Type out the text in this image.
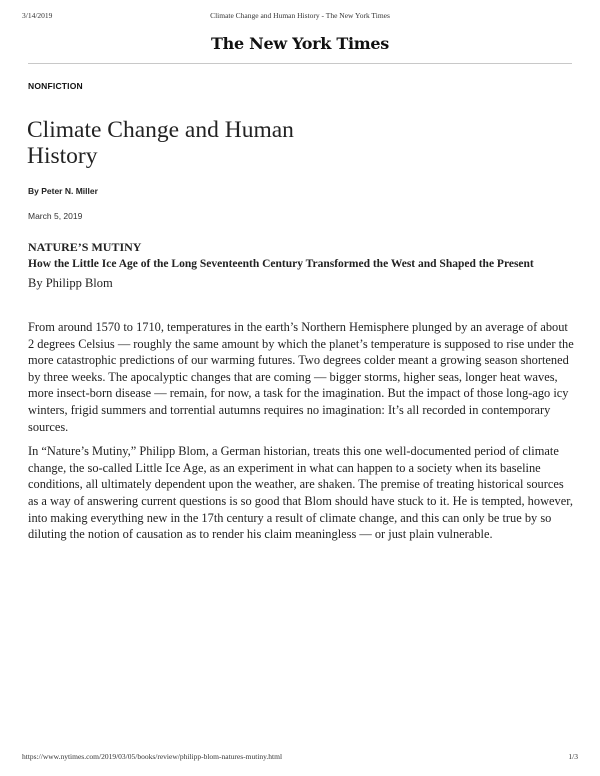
3/14/2019	Climate Change and Human History - The New York Times
The New York Times
NONFICTION
Climate Change and Human History
By Peter N. Miller
March 5, 2019
NATURE’S MUTINY
How the Little Ice Age of the Long Seventeenth Century Transformed the West and Shaped the Present
By Philipp Blom

From around 1570 to 1710, temperatures in the earth’s Northern Hemisphere plunged by an average of about 2 degrees Celsius — roughly the same amount by which the planet’s temperature is supposed to rise under the more catastrophic predictions of our warming futures. Two degrees colder meant a growing season shortened by three weeks. The apocalyptic changes that are coming — bigger storms, higher seas, longer heat waves, more insect-born disease — remain, for now, a task for the imagination. But the impact of those long-ago icy winters, frigid summers and torrential autumns requires no imagination: It’s all recorded in contemporary sources.

In “Nature’s Mutiny,” Philipp Blom, a German historian, treats this one well-documented period of climate change, the so-called Little Ice Age, as an experiment in what can happen to a society when its baseline conditions, all ultimately dependent upon the weather, are shaken. The premise of treating historical sources as a way of answering current questions is so good that Blom should have stuck to it. He is tempted, however, into making everything new in the 17th century a result of climate change, and this can only be true by so diluting the notion of causation as to render his claim meaningless — or just plain vulnerable.

https://www.nytimes.com/2019/03/05/books/review/philipp-blom-natures-mutiny.html	1/3
